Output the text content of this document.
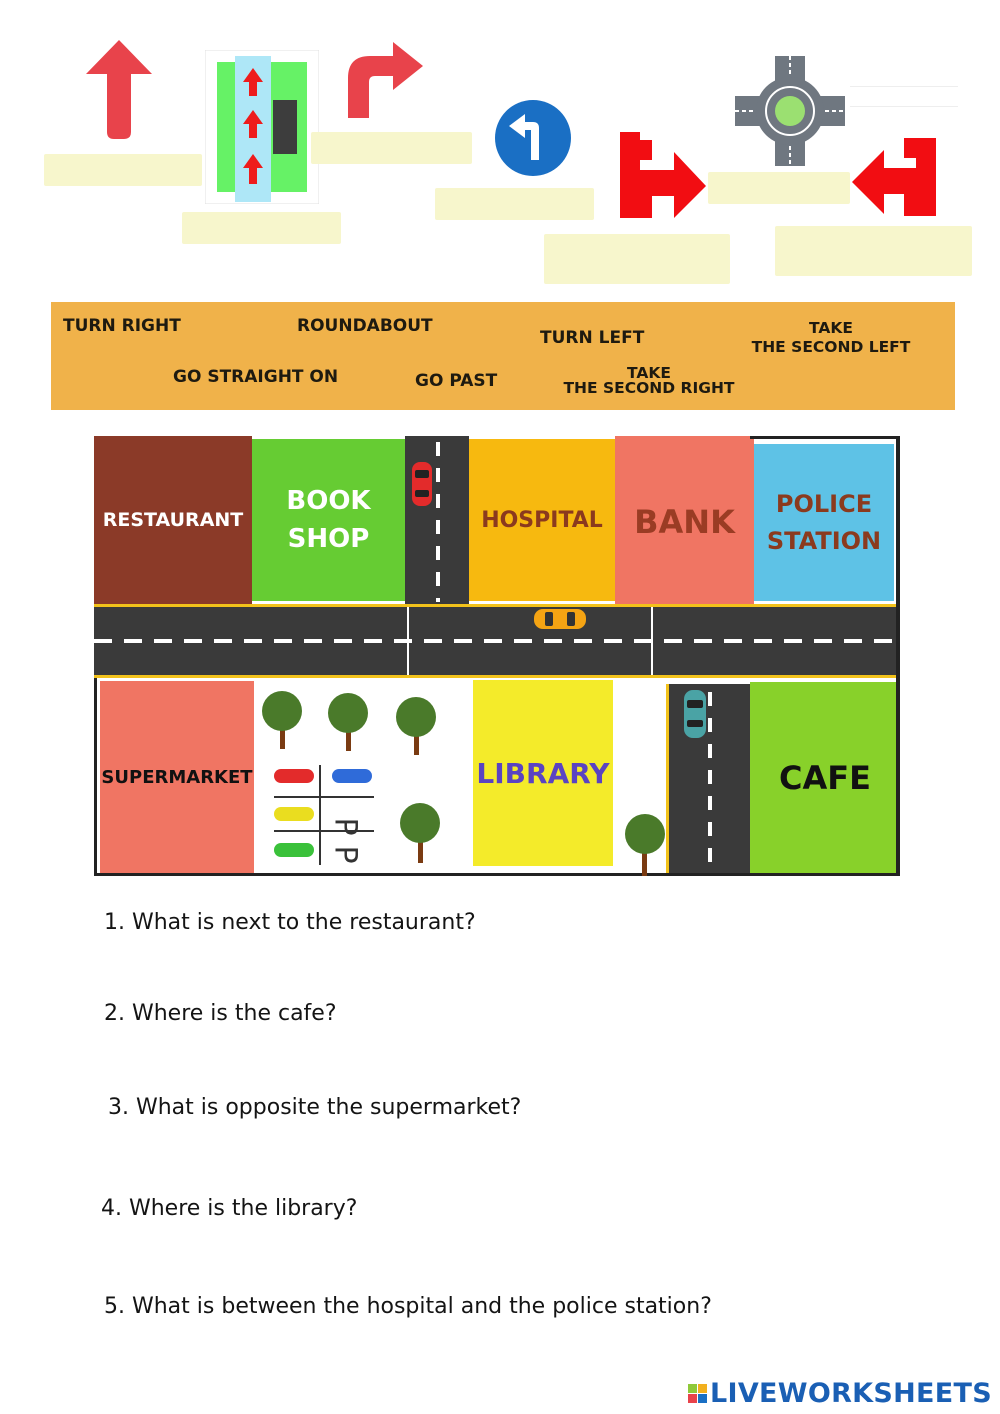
TURN RIGHT	ROUNDABOUT
TURN LEFT	TAKE
THE SECOND LEFT
GO STRAIGHT ON	GO PAST	TAKE
THE SECOND RIGHT
RESTAURANT
BOOK
SHOP
HOSPITAL BANK POLICE
STATION
SUPERMARKET
P
P
LIBRARY	CAFE
1. What is next to the restaurant?
2. Where is the cafe?
3. What is opposite the supermarket?
4. Where is the library?
5. What is between the hospital and the police station?
LIVEWORKSHEETS
